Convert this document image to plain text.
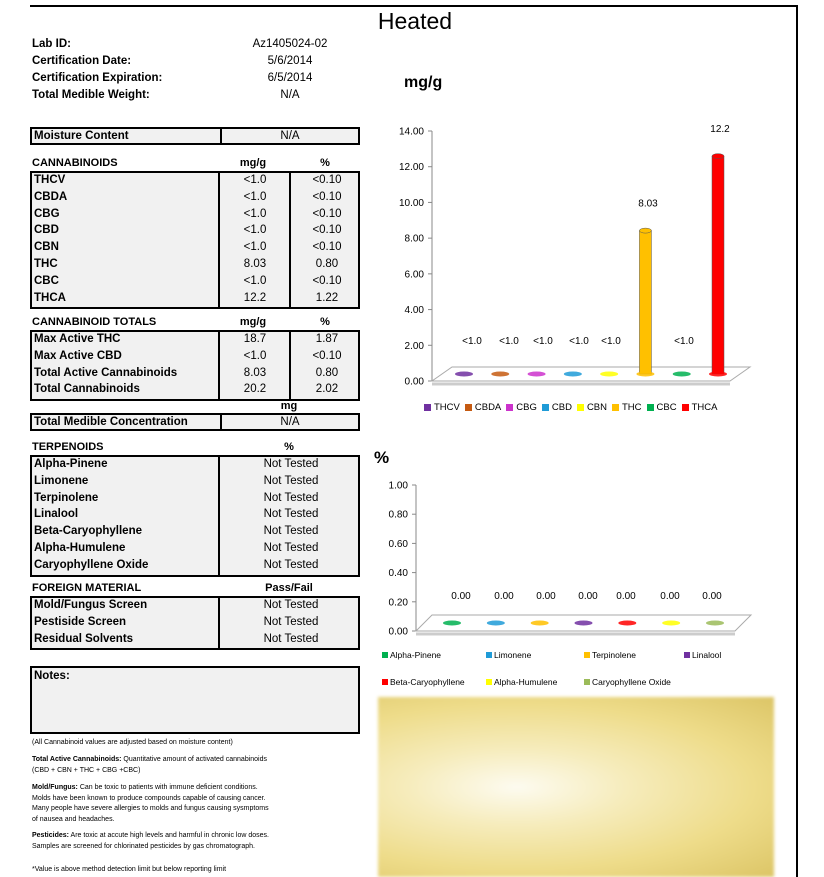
Heated
Lab ID:	Az1405024-02
Certification Date:	5/6/2014
Certification Expiration:	6/5/2014
Total Medible Weight:	N/A
Moisture Content	N/A
CANNABINOIDS	mg/g	%
THCV	<1.0	<0.10
CBDA	<1.0	<0.10
CBG	<1.0	<0.10
CBD	<1.0	<0.10
CBN	<1.0	<0.10
THC	8.03	0.80
CBC	<1.0	<0.10
THCA	12.2	1.22
CANNABINOID TOTALS	mg/g	%
Max Active THC	18.7	1.87
Max Active CBD	<1.0	<0.10
Total Active Cannabinoids	8.03	0.80
Total Cannabinoids	20.2	2.02
mg
Total Medible Concentration	N/A
TERPENOIDS	%
Alpha-Pinene	Not Tested
Limonene	Not Tested
Terpinolene	Not Tested
Linalool	Not Tested
Beta-Caryophyllene	Not Tested
Alpha-Humulene	Not Tested
Caryophyllene Oxide	Not Tested
FOREIGN MATERIAL	Pass/Fail
Mold/Fungus Screen	Not Tested
Pestiside Screen	Not Tested
Residual Solvents	Not Tested
Notes:
(All Cannabinoid values are adjusted based on moisture content)
Total Active Cannabinoids: Quantitative amount of activated cannabinoids
(CBD + CBN + THC + CBG +CBC)
Mold/Fungus: Can be toxic to patients with immune deficient conditions.
Molds have been known to produce compounds capable of causing cancer.
Many people have severe allergies to molds and fungus causing sysmptoms
of nausea and headaches.
Pesticides: Are toxic at accute high levels and harmful in chronic low doses.
Samples are screened for chlorinated pesticides by gas chromatograph.
*Value is above method detection limit but below reporting limit
mg/g
0.00
2.00
4.00
6.00
8.00
10.00
12.00
14.00
<1.0 <1.0 <1.0 <1.0 <1.0
8.03
<1.0
12.2
THCV CBDA CBG CBD CBN THC CBC THCA
%
0.00
0.20
0.40
0.60
0.80
1.00
0.00 0.00 0.00 0.00 0.00 0.00 0.00
Alpha-Pinene	Limonene	Terpinolene	Linalool
Beta-Caryophyllene	Alpha-Humulene	Caryophyllene Oxide
